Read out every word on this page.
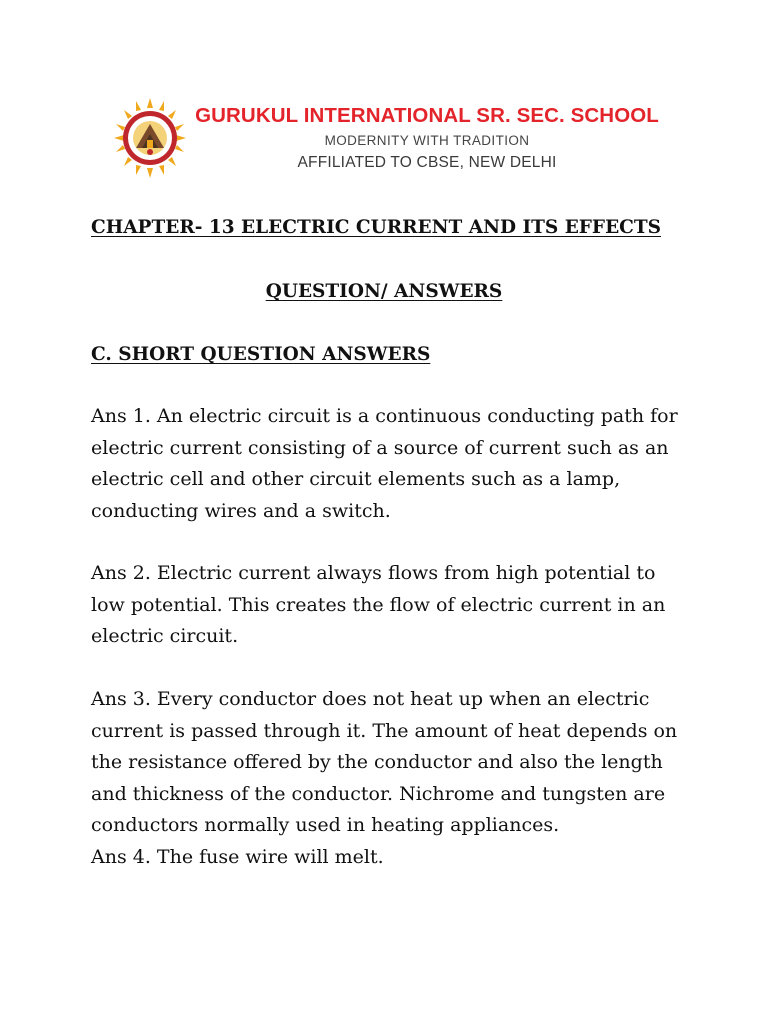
GURUKUL INTERNATIONAL SR. SEC. SCHOOL
MODERNITY WITH TRADITION
AFFILIATED TO CBSE, NEW DELHI
CHAPTER- 13 ELECTRIC CURRENT AND ITS EFFECTS
QUESTION/ ANSWERS
C. SHORT QUESTION ANSWERS

Ans 1. An electric circuit is a continuous conducting path for
electric current consisting of a source of current such as an
electric cell and other circuit elements such as a lamp,
conducting wires and a switch.

Ans 2. Electric current always flows from high potential to
low potential. This creates the flow of electric current in an
electric circuit.

Ans 3. Every conductor does not heat up when an electric
current is passed through it. The amount of heat depends on
the resistance offered by the conductor and also the length
and thickness of the conductor. Nichrome and tungsten are
conductors normally used in heating appliances.
Ans 4. The fuse wire will melt.
